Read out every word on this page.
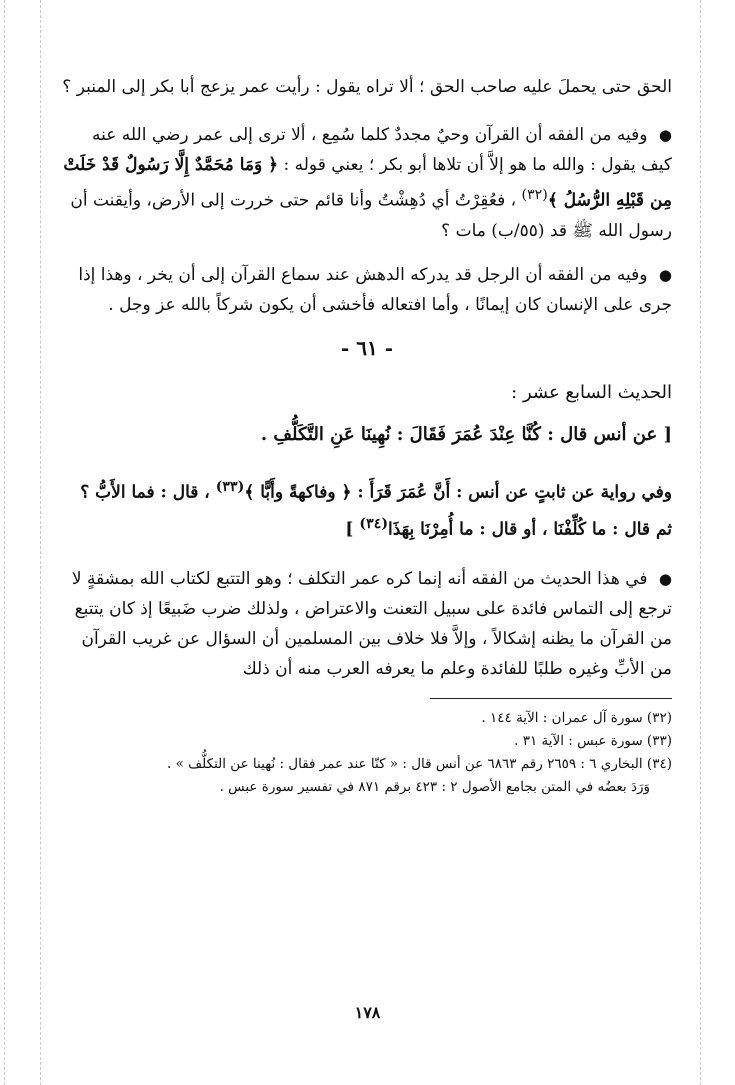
الحق حتى يحملَ عليه صاحب الحق ؛ ألا تراه يقول : رأيت عمر يزعج أبا بكر إلى المنبر ؟

● وفيه من الفقه أن القرآن وحيٌ مجددٌ كلما سُمِع ، ألا ترى إلى عمر رضي الله عنه كيف يقول : والله ما هو إلاَّ أن تلاها أبو بكر ؛ يعني قوله : ﴿ وَمَا مُحَمَّدٌ إِلَّا رَسُولٌ قَدْ خَلَتْ مِن قَبْلِهِ الرُّسُلُ ﴾$^{(٣٢)}$ ، فعُقِرْتُ أي دُهِشْتُ وأنا قائم حتى خررت إلى الأرض، وأيقنت أن رسول الله ﷺ قد (٥٥/ب) مات ؟

● وفيه من الفقه أن الرجل قد يدركه الدهش عند سماع القرآن إلى أن يخر ، وهذا إذا جرى على الإنسان كان إيمانًا ، وأما افتعاله فأخشى أن يكون شركاً بالله عز وجل .

- ٦١ -

الحديث السابع عشر :

[ عن أنس قال : كُنَّا عِنْدَ عُمَرَ فَقَالَ : نُهِينَا عَنِ التَّكَلُّفِ .

وفي رواية عن ثابتٍ عن أنس : أَنَّ عُمَرَ قَرَأَ : ﴿ وفاكهةً وأَبًّا ﴾$^{(٣٣)}$ ، قال : فما الأَبُّ ؟ ثم قال : ما كُلِّفْنَا ، أو قال : ما أُمِرْنَا بِهَذَا$^{(٣٤)}$ ]

● في هذا الحديث من الفقه أنه إنما كره عمر التكلف ؛ وهو التتبع لكتاب الله بمشقةٍ لا ترجع إلى التماس فائدة على سبيل التعنت والاعتراض ، ولذلك ضرب ضَبيعًا إذ كان يتتبع من القرآن ما يظنه إشكالاً ، وإلاَّ فلا خلاف بين المسلمين أن السؤال عن غريب القرآن من الأبِّ وغيره طلبًا للفائدة وعلم ما يعرفه العرب منه أن ذلك

(٣٢) سورة آل عمران : الآية ١٤٤ .

(٣٣) سورة عبس : الآية ٣١ .

(٣٤) البخاري ٦ : ٢٦٥٩ رقم ٦٨٦٣ عن أنس قال : « كنّا عند عمر فقال : نُهينا عن التكلُّف » .

وَرَدَ بعضُه في المتن بجامع الأصول ٢ : ٤٢٣ برقم ٨٧١ في تفسير سورة عبس .

١٧٨
